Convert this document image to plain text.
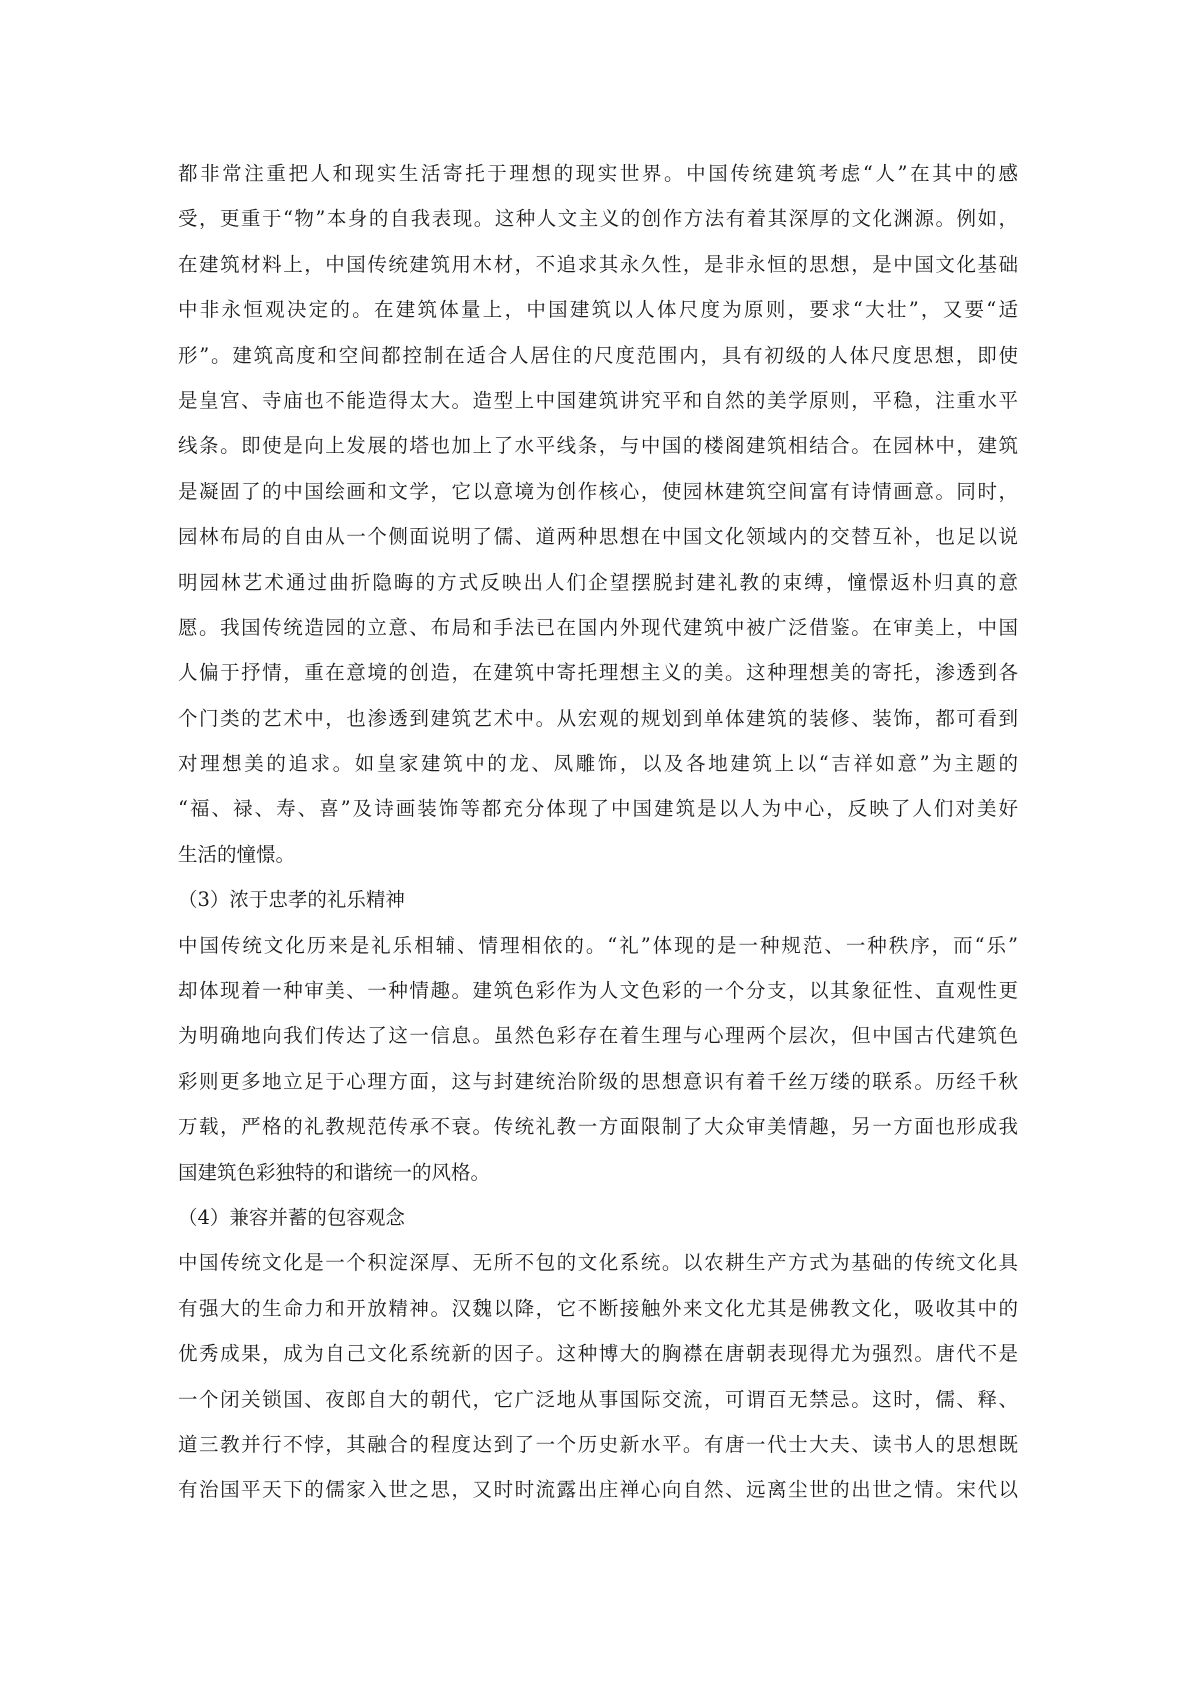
都非常注重把人和现实生活寄托于理想的现实世界。中国传统建筑考虑“人”在其中的感
受，更重于“物”本身的自我表现。这种人文主义的创作方法有着其深厚的文化渊源。例如，
在建筑材料上，中国传统建筑用木材，不追求其永久性，是非永恒的思想，是中国文化基础
中非永恒观决定的。在建筑体量上，中国建筑以人体尺度为原则，要求“大壮”，又要“适
形”。建筑高度和空间都控制在适合人居住的尺度范围内，具有初级的人体尺度思想，即使
是皇宫、寺庙也不能造得太大。造型上中国建筑讲究平和自然的美学原则，平稳，注重水平
线条。即使是向上发展的塔也加上了水平线条，与中国的楼阁建筑相结合。在园林中，建筑
是凝固了的中国绘画和文学，它以意境为创作核心，使园林建筑空间富有诗情画意。同时，
园林布局的自由从一个侧面说明了儒、道两种思想在中国文化领域内的交替互补，也足以说
明园林艺术通过曲折隐晦的方式反映出人们企望摆脱封建礼教的束缚，憧憬返朴归真的意
愿。我国传统造园的立意、布局和手法已在国内外现代建筑中被广泛借鉴。在审美上，中国
人偏于抒情，重在意境的创造，在建筑中寄托理想主义的美。这种理想美的寄托，渗透到各
个门类的艺术中，也渗透到建筑艺术中。从宏观的规划到单体建筑的装修、装饰，都可看到
对理想美的追求。如皇家建筑中的龙、凤雕饰，以及各地建筑上以“吉祥如意”为主题的
“福、禄、寿、喜”及诗画装饰等都充分体现了中国建筑是以人为中心，反映了人们对美好
生活的憧憬。
（3）浓于忠孝的礼乐精神
中国传统文化历来是礼乐相辅、情理相依的。“礼”体现的是一种规范、一种秩序，而“乐”
却体现着一种审美、一种情趣。建筑色彩作为人文色彩的一个分支，以其象征性、直观性更
为明确地向我们传达了这一信息。虽然色彩存在着生理与心理两个层次，但中国古代建筑色
彩则更多地立足于心理方面，这与封建统治阶级的思想意识有着千丝万缕的联系。历经千秋
万载，严格的礼教规范传承不衰。传统礼教一方面限制了大众审美情趣，另一方面也形成我
国建筑色彩独特的和谐统一的风格。
（4）兼容并蓄的包容观念
中国传统文化是一个积淀深厚、无所不包的文化系统。以农耕生产方式为基础的传统文化具
有强大的生命力和开放精神。汉魏以降，它不断接触外来文化尤其是佛教文化，吸收其中的
优秀成果，成为自己文化系统新的因子。这种博大的胸襟在唐朝表现得尤为强烈。唐代不是
一个闭关锁国、夜郎自大的朝代，它广泛地从事国际交流，可谓百无禁忌。这时，儒、释、
道三教并行不悖，其融合的程度达到了一个历史新水平。有唐一代士大夫、读书人的思想既
有治国平天下的儒家入世之思，又时时流露出庄禅心向自然、远离尘世的出世之情。宋代以
